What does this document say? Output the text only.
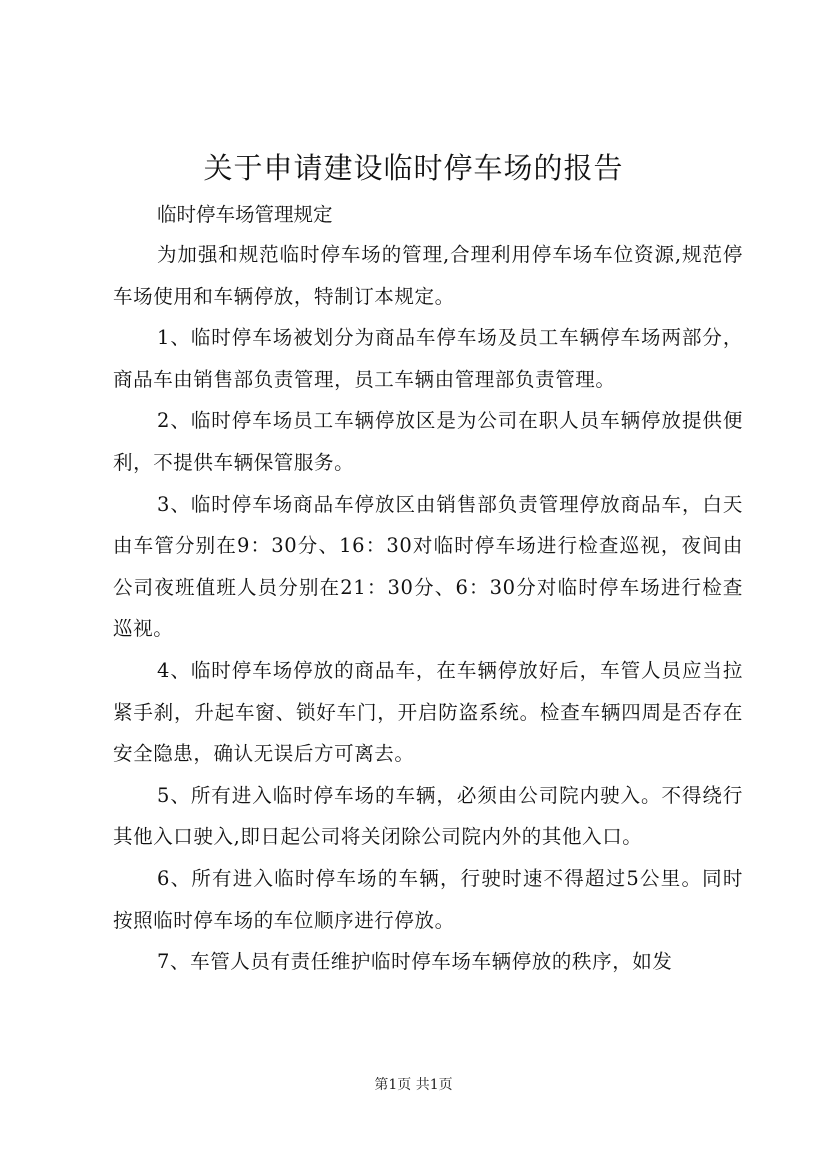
关于申请建设临时停车场的报告

临时停车场管理规定

为加强和规范临时停车场的管理,合理利用停车场车位资源,规范停车场使用和车辆停放，特制订本规定。

1、临时停车场被划分为商品车停车场及员工车辆停车场两部分，商品车由销售部负责管理，员工车辆由管理部负责管理。

2、临时停车场员工车辆停放区是为公司在职人员车辆停放提供便利，不提供车辆保管服务。

3、临时停车场商品车停放区由销售部负责管理停放商品车，白天由车管分别在9：30分、16：30对临时停车场进行检查巡视，夜间由公司夜班值班人员分别在21：30分、6：30分对临时停车场进行检查巡视。

4、临时停车场停放的商品车，在车辆停放好后，车管人员应当拉紧手刹，升起车窗、锁好车门，开启防盗系统。检查车辆四周是否存在安全隐患，确认无误后方可离去。

5、所有进入临时停车场的车辆，必须由公司院内驶入。不得绕行其他入口驶入,即日起公司将关闭除公司院内外的其他入口。

6、所有进入临时停车场的车辆，行驶时速不得超过5公里。同时按照临时停车场的车位顺序进行停放。

7、车管人员有责任维护临时停车场车辆停放的秩序，如发

第1页 共1页
